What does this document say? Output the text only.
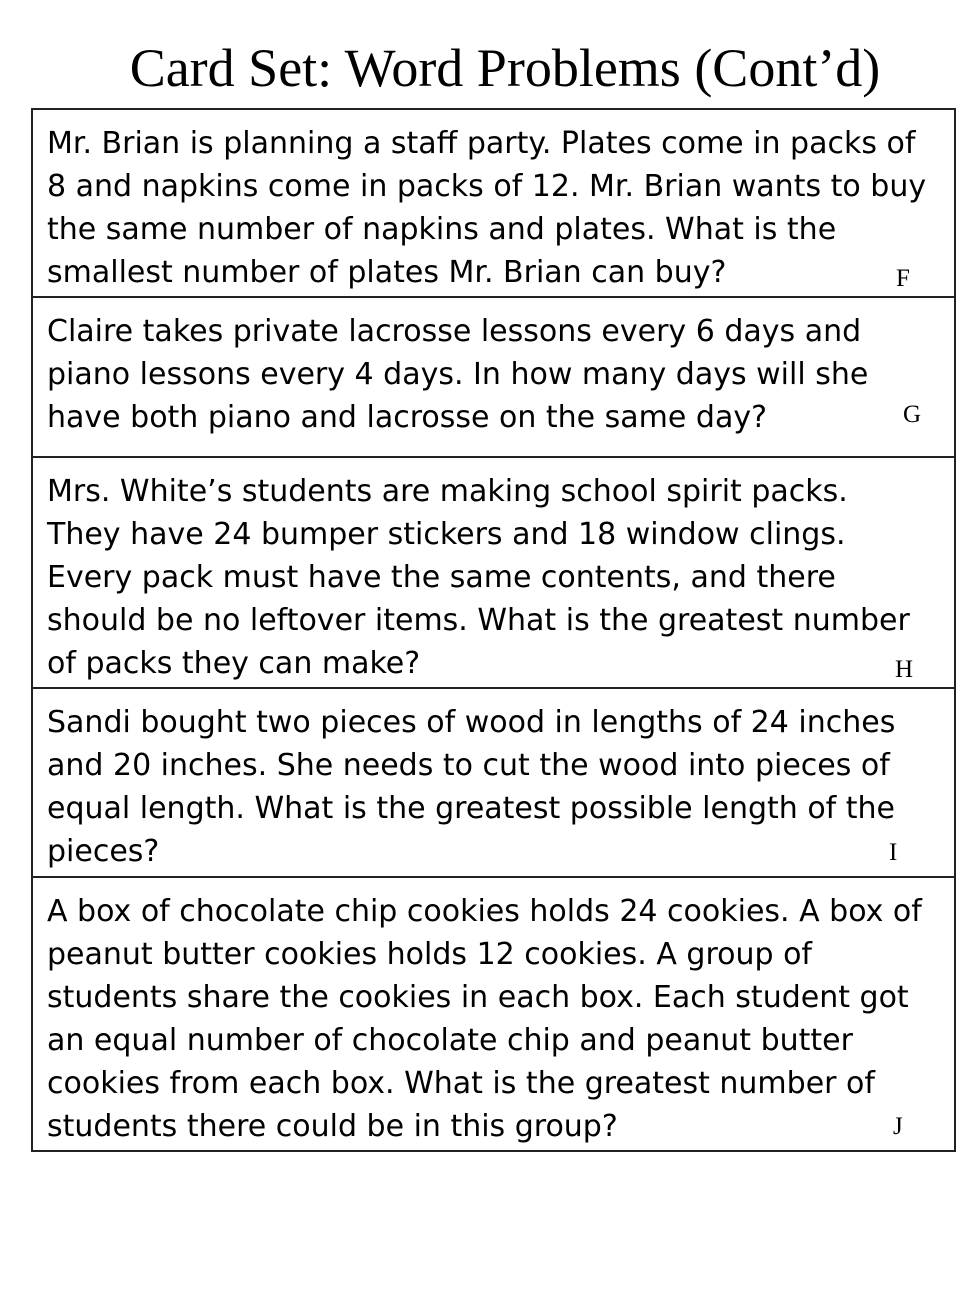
Card Set: Word Problems (Cont’d)

Mr. Brian is planning a staff party. Plates come in packs of 8 and napkins come in packs of 12. Mr. Brian wants to buy the same number of napkins and plates. What is the smallest number of plates Mr. Brian can buy?	F

Claire takes private lacrosse lessons every 6 days and piano lessons every 4 days. In how many days will she have both piano and lacrosse on the same day?	G

Mrs. White’s students are making school spirit packs. They have 24 bumper stickers and 18 window clings. Every pack must have the same contents, and there should be no leftover items. What is the greatest number of packs they can make?	H

Sandi bought two pieces of wood in lengths of 24 inches and 20 inches. She needs to cut the wood into pieces of equal length. What is the greatest possible length of the pieces?	I

A box of chocolate chip cookies holds 24 cookies. A box of peanut butter cookies holds 12 cookies. A group of students share the cookies in each box. Each student got an equal number of chocolate chip and peanut butter cookies from each box. What is the greatest number of students there could be in this group?	J
